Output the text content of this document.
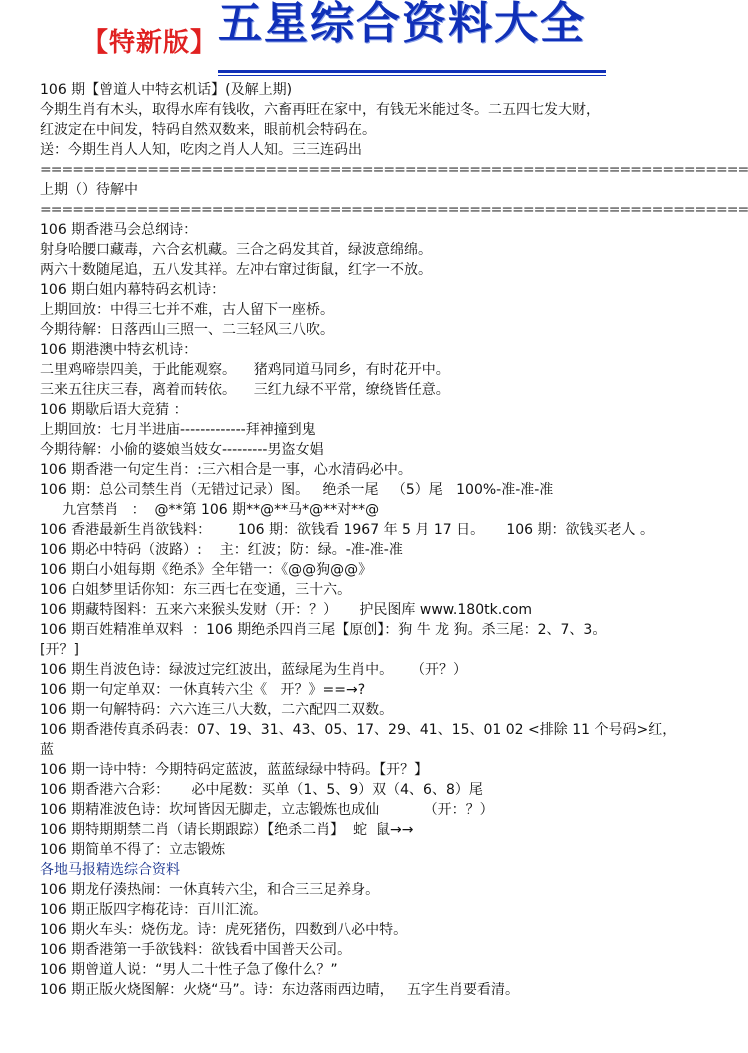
【特新版】 五星综合资料大全
106 期【曾道人中特玄机话】(及解上期)
今期生肖有木头，取得水库有钱收，六畜再旺在家中，有钱无米能过冬。二五四七发大财，
红波定在中间发，特码自然双数来，眼前机会特码在。
送：今期生肖人人知，吃肉之肖人人知。三三连码出
==================================================================
上期（）待解中
==================================================================
106 期香港马会总纲诗：
射身哈腰口藏毒，六合玄机藏。三合之码发其首，绿波意绵绵。
两六十数随尾追，五八发其祥。左冲右窜过街鼠，红字一不放。
106 期白姐内幕特码玄机诗：
上期回放：中得三七并不难，古人留下一座桥。
今期待解：日落西山三照一、二三轻风三八吹。
106 期港澳中特玄机诗：
二里鸡啼崇四美，于此能观察。    猪鸡同道马同乡，有时花开中。
三来五往庆三春，离着而转依。    三红九绿不平常，缭绕皆任意。
106 期歇后语大竞猜 ：
上期回放：七月半进庙-------------拜神撞到鬼
今期待解：小偷的婆娘当妓女---------男盗女娼
106 期香港一句定生肖：:三六相合是一事，心水清码必中。
106 期：总公司禁生肖（无错过记录）图。   绝杀一尾   （5）尾   100%-准-准-准
九宫禁肖   ：  @**第 106 期**@**马*@**对**@
106 香港最新生肖欲钱料：      106 期：欲钱看 1967 年 5 月 17 日。     106 期：欲钱买老人 。
106 期必中特码（波路）:    主：红波；防：绿。-准-准-准
106 期白小姐每期《绝杀》全年错一：《@@狗@@》
106 白姐梦里话你知：东三西七在变通，三十六。
106 期藏特图料：五来六来猴头发财（开：？）     护民图库 www.180tk.com
106 期百姓精准单双料  ：106 期绝杀四肖三尾【原创】：狗 牛 龙 狗。杀三尾：2、7、3。
[开？]
106 期生肖波色诗：绿波过完红波出，蓝绿尾为生肖中。    （开？）
106 期一句定单双：一休真转六尘《   开？》==→?
106 期一句解特码：六六连三八大数，二六配四二双数。
106 期香港传真杀码表：07、19、31、43、05、17、29、41、15、01 02 <排除 11 个号码>红，
蓝
106 期一诗中特：今期特码定蓝波，蓝蓝绿绿中特码。【开？】
106 期香港六合彩：     必中尾数：买单（1、5、9）双（4、6、8）尾
106 期精准波色诗：坎坷皆因无脚走，立志锻炼也成仙          （开：？）
106 期特期期禁二肖（请长期跟踪）【绝杀二肖】  蛇  鼠→→
106 期简单不得了：立志锻炼
各地马报精选综合资料
106 期龙仔湊热闹：一休真转六尘，和合三三足养身。
106 期正版四字梅花诗：百川汇流。
106 期火车头：烧伤龙。诗：虎死猪伤，四数到八必中特。
106 期香港第一手欲钱料：欲钱看中国普天公司。
106 期曾道人说：“男人二十性子急了像什么？”
106 期正版火烧图解：火烧“马”。诗：东边落雨西边晴，   五字生肖要看清。
